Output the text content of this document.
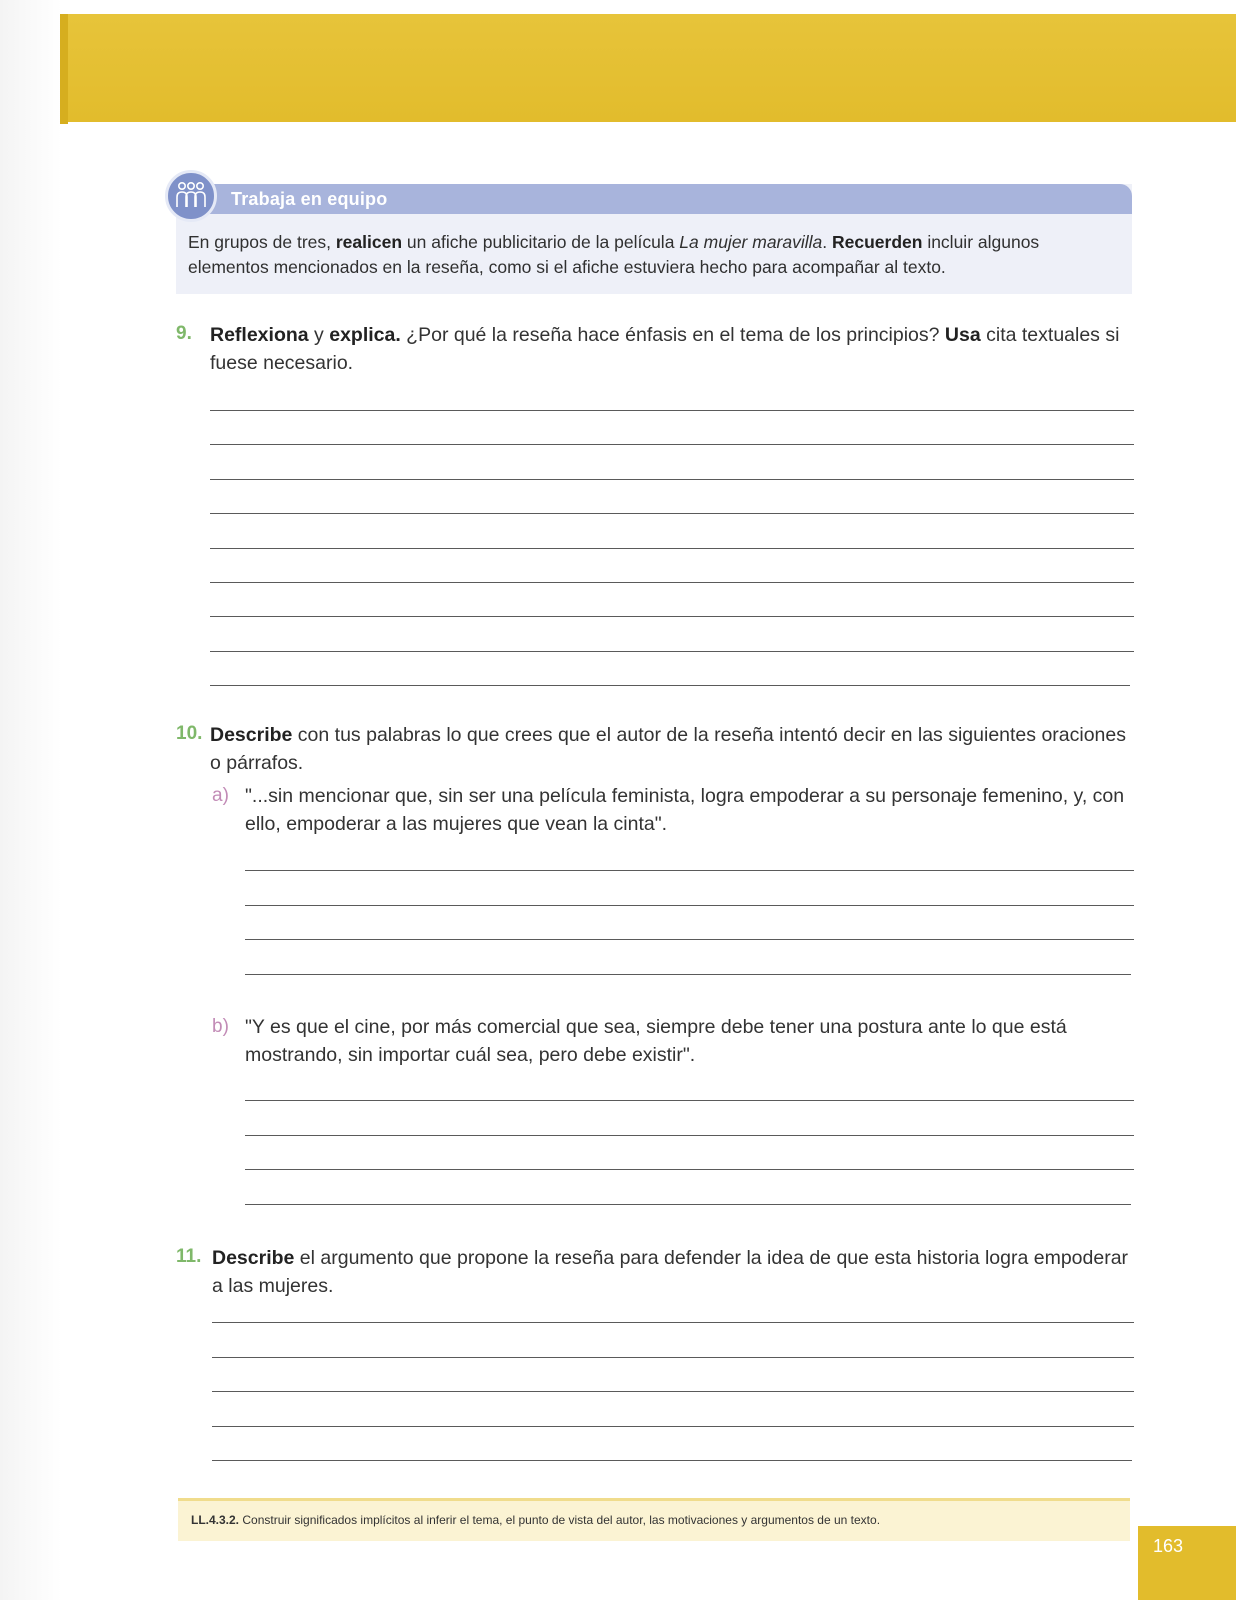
Trabaja en equipo
En grupos de tres, realicen un afiche publicitario de la película La mujer maravilla. Recuerden incluir algunos elementos mencionados en la reseña, como si el afiche estuviera hecho para acompañar al texto.
9. Reflexiona y explica. ¿Por qué la reseña hace énfasis en el tema de los principios? Usa cita textuales si fuese necesario.
10. Describe con tus palabras lo que crees que el autor de la reseña intentó decir en las siguientes oraciones o párrafos.
a) "...sin mencionar que, sin ser una película feminista, logra empoderar a su personaje femenino, y, con ello, empoderar a las mujeres que vean la cinta".
b) "Y es que el cine, por más comercial que sea, siempre debe tener una postura ante lo que está mostrando, sin importar cuál sea, pero debe existir".
11. Describe el argumento que propone la reseña para defender la idea de que esta historia logra empoderar a las mujeres.
LL.4.3.2. Construir significados implícitos al inferir el tema, el punto de vista del autor, las motivaciones y argumentos de un texto.
163
